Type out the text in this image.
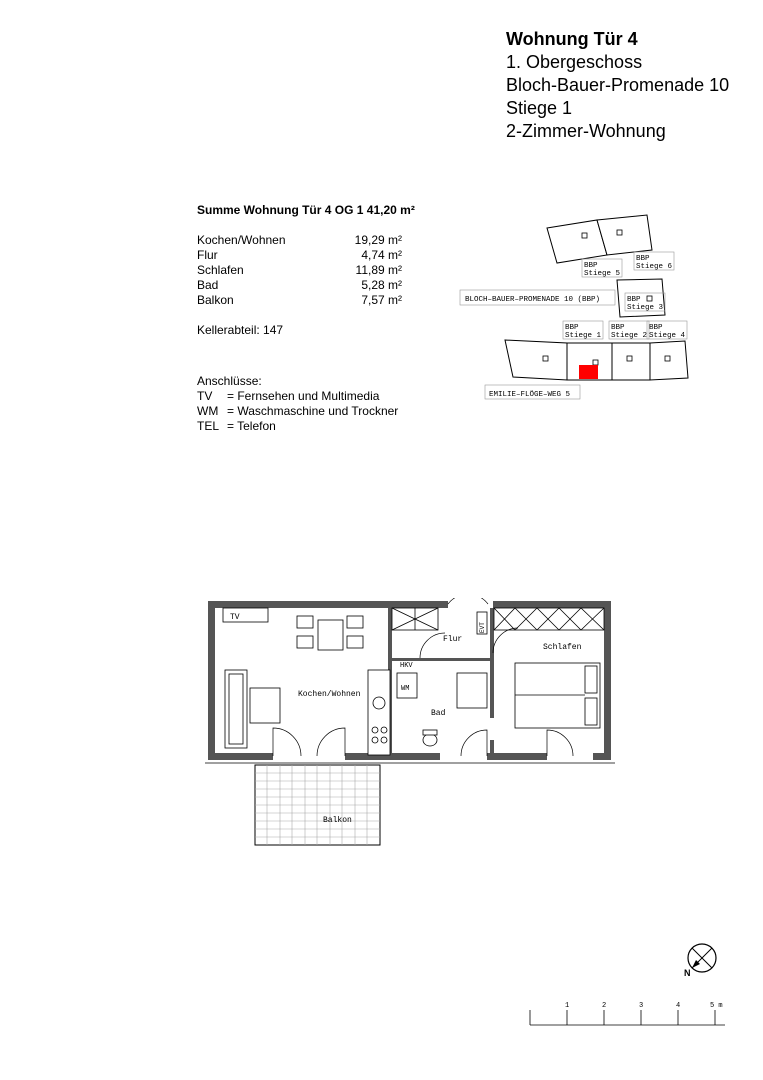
Wohnung Tür 4
1. Obergeschoss
Bloch-Bauer-Promenade 10
Stiege 1
2-Zimmer-Wohnung
Summe Wohnung Tür 4 OG 1 41,20 m²
Kochen/Wohnen	19,29 m²
Flur	4,74 m²
Schlafen	11,89 m²
Bad	5,28 m²
Balkon	7,57 m²
Kellerabteil: 147
Anschlüsse:
TV	= Fernsehen und Multimedia
WM = Waschmaschine und Trockner
TEL = Telefon
BBP
Stiege 5
BBP
Stiege 6
BBP
Stiege 3
BBP
Stiege 1
BBP
Stiege 2
BBP
Stiege 4
BLOCH–BAUER–PROMENADE 10 (BBP)
EMILIE–FLÖGE–WEG 5
TV
WM
HKV
EVT
Kochen/Wohnen
Flur
Bad
Schlafen
Balkon
N
1	2	3	4	5 m
